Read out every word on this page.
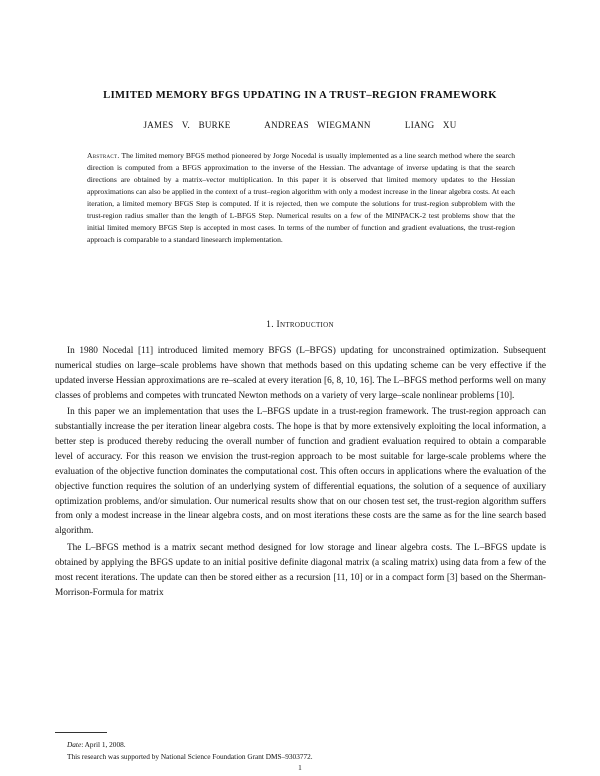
LIMITED MEMORY BFGS UPDATING IN A TRUST–REGION FRAMEWORK
JAMES V. BURKE	ANDREAS WIEGMANN	LIANG XU
Abstract. The limited memory BFGS method pioneered by Jorge Nocedal is usually implemented as a line search method where the search direction is computed from a BFGS approximation to the inverse of the Hessian. The advantage of inverse updating is that the search directions are obtained by a matrix–vector multiplication. In this paper it is observed that limited memory updates to the Hessian approximations can also be applied in the context of a trust–region algorithm with only a modest increase in the linear algebra costs. At each iteration, a limited memory BFGS Step is computed. If it is rejected, then we compute the solutions for trust-region subproblem with the trust-region radius smaller than the length of L-BFGS Step. Numerical results on a few of the MINPACK-2 test problems show that the initial limited memory BFGS Step is accepted in most cases. In terms of the number of function and gradient evaluations, the trust-region approach is comparable to a standard linesearch implementation.
1. Introduction

In 1980 Nocedal [11] introduced limited memory BFGS (L–BFGS) updating for unconstrained optimization. Subsequent numerical studies on large–scale problems have shown that methods based on this updating scheme can be very effective if the updated inverse Hessian approximations are re–scaled at every iteration [6, 8, 10, 16]. The L–BFGS method performs well on many classes of problems and competes with truncated Newton methods on a variety of very large–scale nonlinear problems [10].

In this paper we an implementation that uses the L–BFGS update in a trust-region framework. The trust-region approach can substantially increase the per iteration linear algebra costs. The hope is that by more extensively exploiting the local information, a better step is produced thereby reducing the overall number of function and gradient evaluation required to obtain a comparable level of accuracy. For this reason we envision the trust-region approach to be most suitable for large-scale problems where the evaluation of the objective function dominates the computational cost. This often occurs in applications where the evaluation of the objective function requires the solution of an underlying system of differential equations, the solution of a sequence of auxiliary optimization problems, and/or simulation. Our numerical results show that on our chosen test set, the trust-region algorithm suffers from only a modest increase in the linear algebra costs, and on most iterations these costs are the same as for the line search based algorithm.

The L–BFGS method is a matrix secant method designed for low storage and linear algebra costs. The L–BFGS update is obtained by applying the BFGS update to an initial positive definite diagonal matrix (a scaling matrix) using data from a few of the most recent iterations. The update can then be stored either as a recursion [11, 10] or in a compact form [3] based on the Sherman-Morrison-Formula for matrix

Date: April 1, 2008.
This research was supported by National Science Foundation Grant DMS–9303772.
1
